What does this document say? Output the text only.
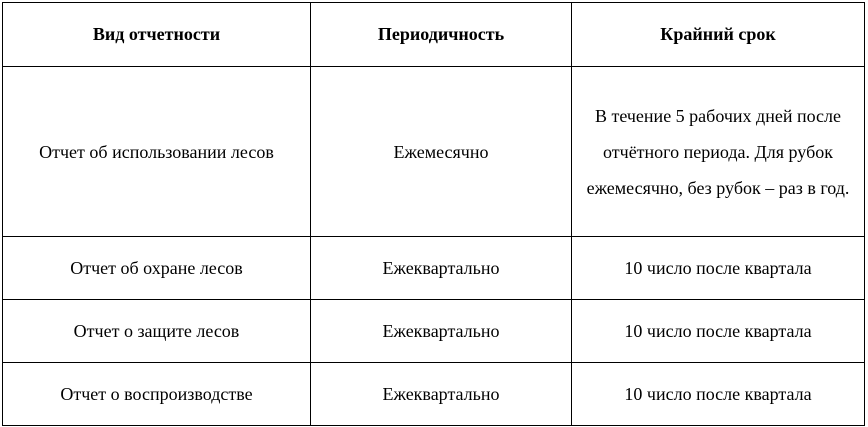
Вид отчетности	Периодичность	Крайний срок
Отчет об использовании лесов	Ежемесячно	В течение 5 рабочих дней после отчётного периода. Для рубок ежемесячно, без рубок – раз в год.
Отчет об охране лесов	Ежеквартально	10 число после квартала
Отчет о защите лесов	Ежеквартально	10 число после квартала
Отчет о воспроизводстве	Ежеквартально	10 число после квартала
